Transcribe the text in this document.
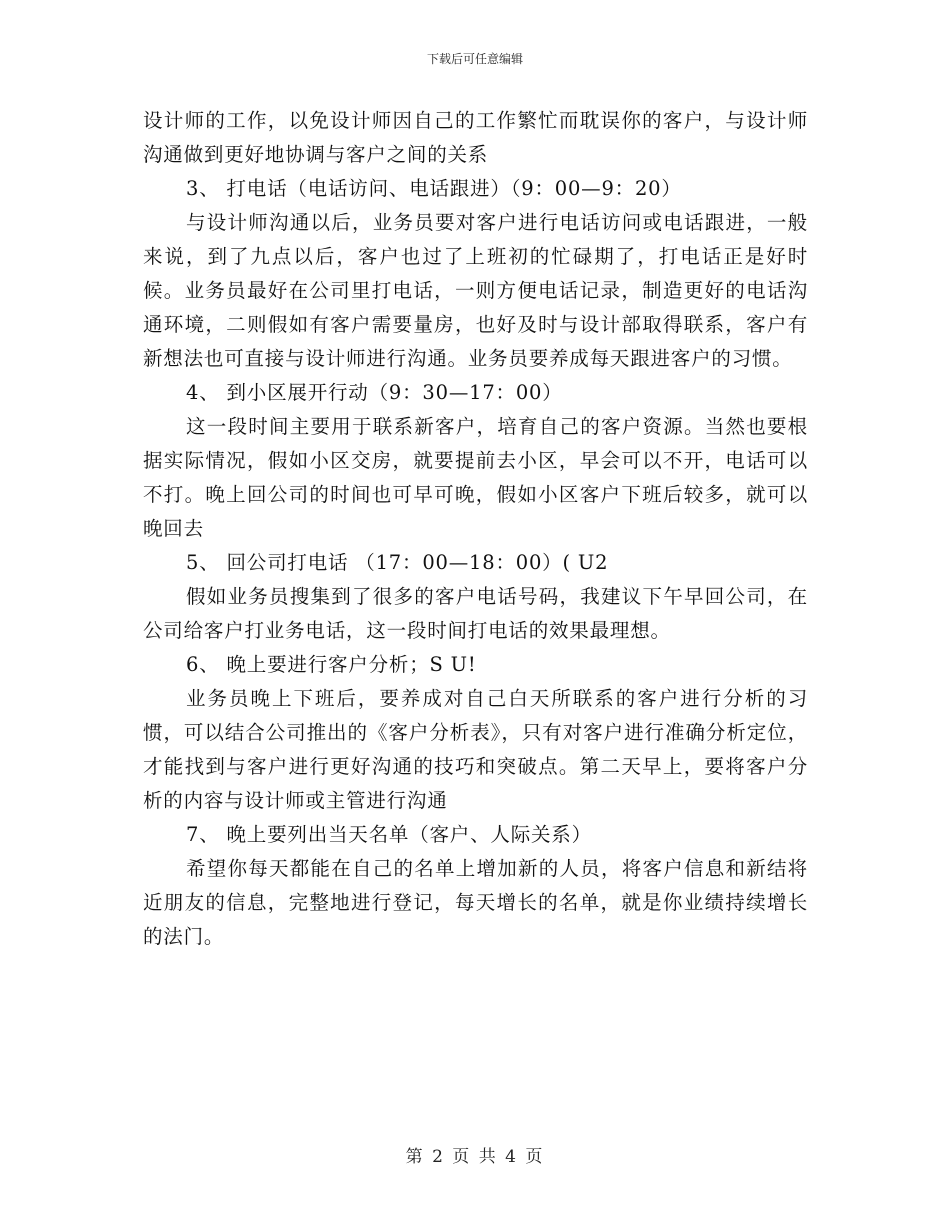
下载后可任意编辑

设计师的工作，以免设计师因自己的工作繁忙而耽误你的客户，与设计师沟通做到更好地协调与客户之间的关系

3、 打电话（电话访问、电话跟进）（9：00—9：20）

与设计师沟通以后，业务员要对客户进行电话访问或电话跟进，一般来说，到了九点以后，客户也过了上班初的忙碌期了，打电话正是好时候。业务员最好在公司里打电话，一则方便电话记录，制造更好的电话沟通环境，二则假如有客户需要量房，也好及时与设计部取得联系，客户有新想法也可直接与设计师进行沟通。业务员要养成每天跟进客户的习惯。

4、 到小区展开行动（9：30—17：00）

这一段时间主要用于联系新客户，培育自己的客户资源。当然也要根据实际情况，假如小区交房，就要提前去小区，早会可以不开，电话可以不打。晚上回公司的时间也可早可晚，假如小区客户下班后较多，就可以晚回去

5、 回公司打电话 （17：00—18：00）( U2

假如业务员搜集到了很多的客户电话号码，我建议下午早回公司，在公司给客户打业务电话，这一段时间打电话的效果最理想。

6、 晚上要进行客户分析；S U!

业务员晚上下班后，要养成对自己白天所联系的客户进行分析的习惯，可以结合公司推出的《客户分析表》，只有对客户进行准确分析定位，才能找到与客户进行更好沟通的技巧和突破点。第二天早上，要将客户分析的内容与设计师或主管进行沟通

7、 晚上要列出当天名单（客户、人际关系）

希望你每天都能在自己的名单上增加新的人员，将客户信息和新结将近朋友的信息，完整地进行登记，每天增长的名单，就是你业绩持续增长的法门。

第 2 页 共 4 页
